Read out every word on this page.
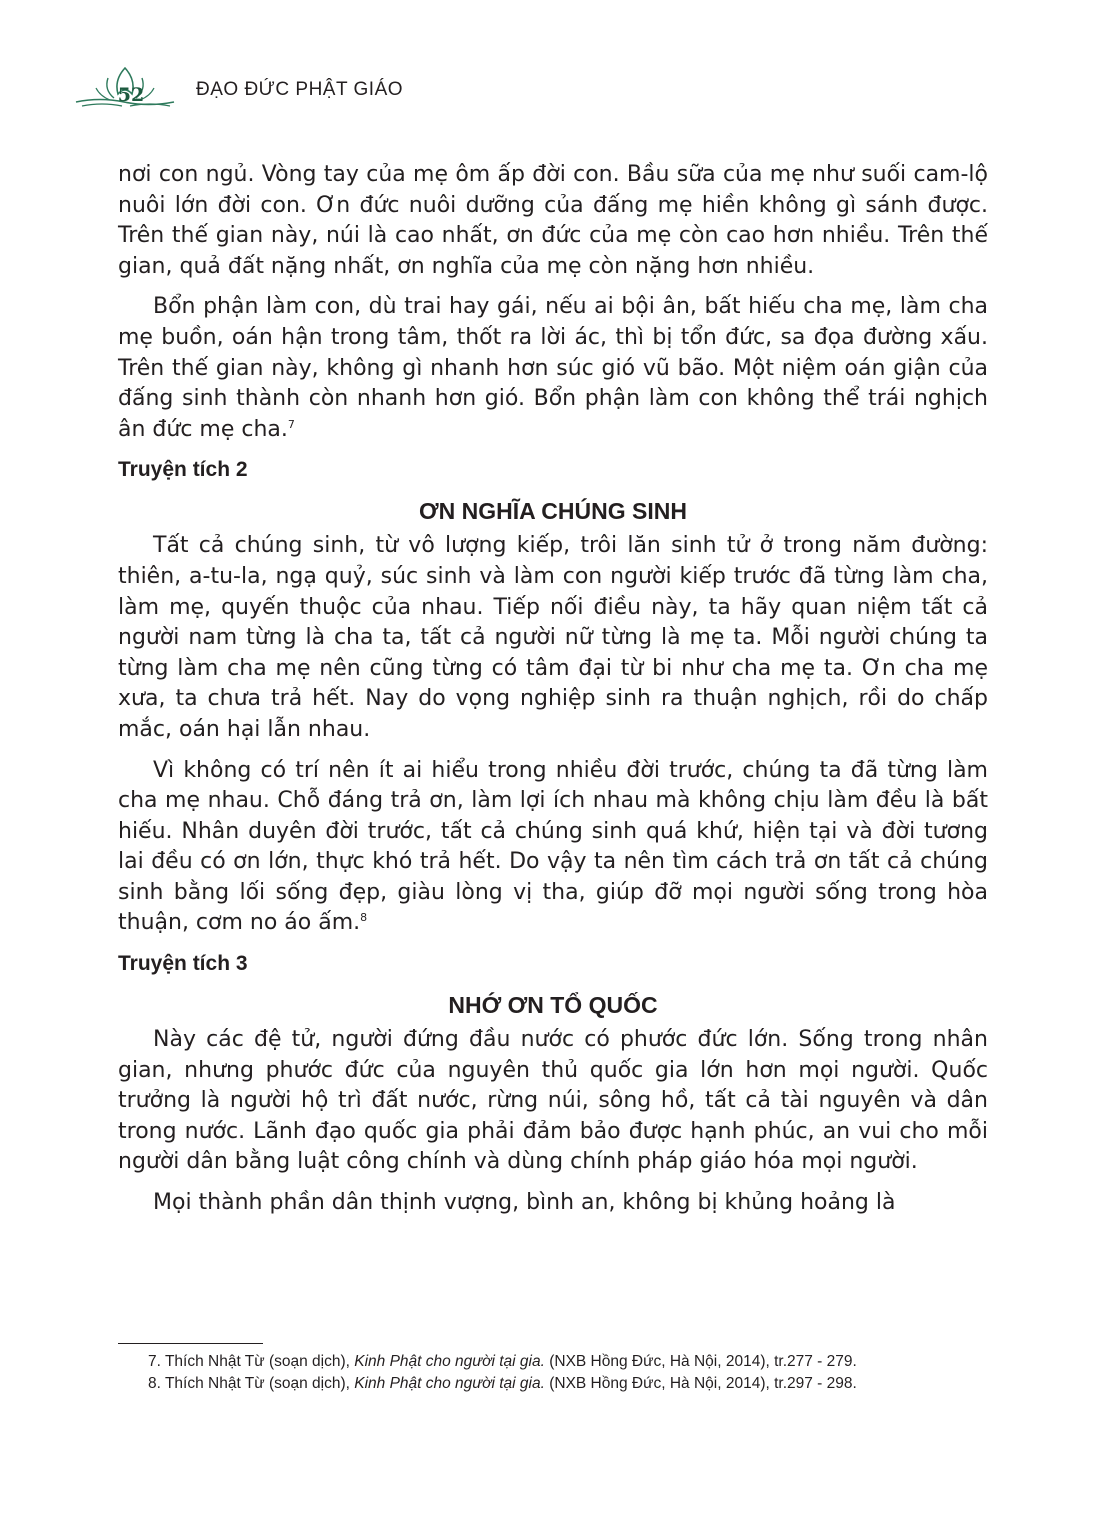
52	ĐẠO ĐỨC PHẬT GIÁO

nơi con ngủ. Vòng tay của mẹ ôm ấp đời con. Bầu sữa của mẹ như suối cam-lộ nuôi lớn đời con. Ơn đức nuôi dưỡng của đấng mẹ hiền không gì sánh được. Trên thế gian này, núi là cao nhất, ơn đức của mẹ còn cao hơn nhiều. Trên thế gian, quả đất nặng nhất, ơn nghĩa của mẹ còn nặng hơn nhiều.

Bổn phận làm con, dù trai hay gái, nếu ai bội ân, bất hiếu cha mẹ, làm cha mẹ buồn, oán hận trong tâm, thốt ra lời ác, thì bị tổn đức, sa đọa đường xấu. Trên thế gian này, không gì nhanh hơn súc gió vũ bão. Một niệm oán giận của đấng sinh thành còn nhanh hơn gió. Bổn phận làm con không thể trái nghịch ân đức mẹ cha.$^7$

Truyện tích 2
ƠN NGHĨA CHÚNG SINH

Tất cả chúng sinh, từ vô lượng kiếp, trôi lăn sinh tử ở trong năm đường: thiên, a-tu-la, ngạ quỷ, súc sinh và làm con người kiếp trước đã từng làm cha, làm mẹ, quyến thuộc của nhau. Tiếp nối điều này, ta hãy quan niệm tất cả người nam từng là cha ta, tất cả người nữ từng là mẹ ta. Mỗi người chúng ta từng làm cha mẹ nên cũng từng có tâm đại từ bi như cha mẹ ta. Ơn cha mẹ xưa, ta chưa trả hết. Nay do vọng nghiệp sinh ra thuận nghịch, rồi do chấp mắc, oán hại lẫn nhau.

Vì không có trí nên ít ai hiểu trong nhiều đời trước, chúng ta đã từng làm cha mẹ nhau. Chỗ đáng trả ơn, làm lợi ích nhau mà không chịu làm đều là bất hiếu. Nhân duyên đời trước, tất cả chúng sinh quá khứ, hiện tại và đời tương lai đều có ơn lớn, thực khó trả hết. Do vậy ta nên tìm cách trả ơn tất cả chúng sinh bằng lối sống đẹp, giàu lòng vị tha, giúp đỡ mọi người sống trong hòa thuận, cơm no áo ấm.$^8$

Truyện tích 3
NHỚ ƠN TỔ QUỐC

Này các đệ tử, người đứng đầu nước có phước đức lớn. Sống trong nhân gian, nhưng phước đức của nguyên thủ quốc gia lớn hơn mọi người. Quốc trưởng là người hộ trì đất nước, rừng núi, sông hồ, tất cả tài nguyên và dân trong nước. Lãnh đạo quốc gia phải đảm bảo được hạnh phúc, an vui cho mỗi người dân bằng luật công chính và dùng chính pháp giáo hóa mọi người.

Mọi thành phần dân thịnh vượng, bình an, không bị khủng hoảng là

7. Thích Nhật Từ (soạn dịch), Kinh Phật cho người tại gia. (NXB Hồng Đức, Hà Nội, 2014), tr.277 - 279.
8. Thích Nhật Từ (soạn dịch), Kinh Phật cho người tại gia. (NXB Hồng Đức, Hà Nội, 2014), tr.297 - 298.
